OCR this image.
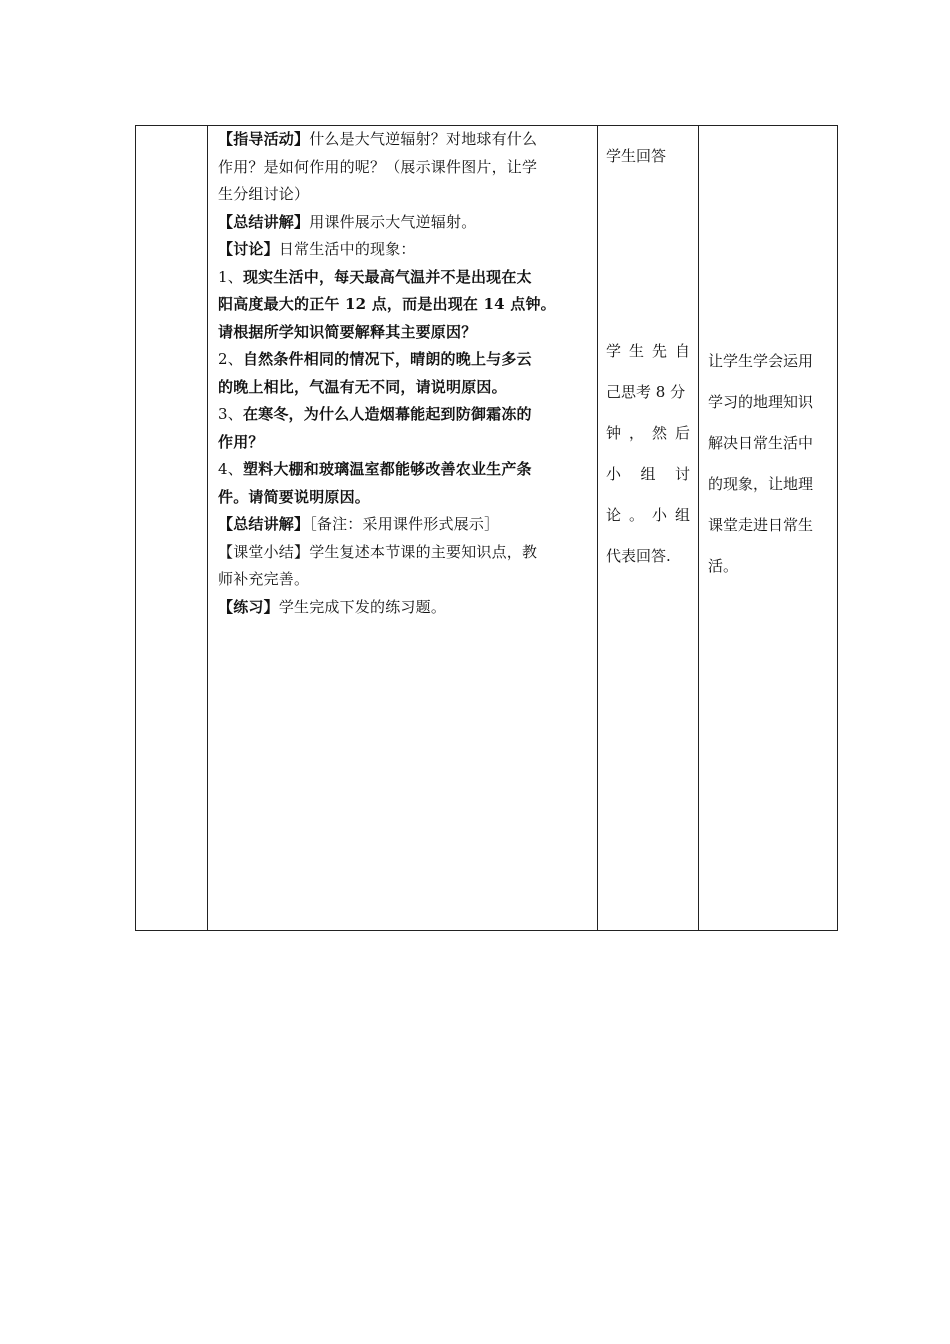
【指导活动】什么是大气逆辐射？对地球有什么
作用？是如何作用的呢？（展示课件图片，让学
生分组讨论）
【总结讲解】用课件展示大气逆辐射。
【讨论】日常生活中的现象：
1、现实生活中，每天最高气温并不是出现在太
阳高度最大的正午 12 点，而是出现在 14 点钟。
请根据所学知识简要解释其主要原因？
2、自然条件相同的情况下，晴朗的晚上与多云
的晚上相比，气温有无不同，请说明原因。
3、在寒冬，为什么人造烟幕能起到防御霜冻的
作用？
4、塑料大棚和玻璃温室都能够改善农业生产条
件。请简要说明原因。
【总结讲解】［备注：采用课件形式展示］
【课堂小结】学生复述本节课的主要知识点，教
师补充完善。
【练习】学生完成下发的练习题。

学生回答
学 生 先 自
己思考 8 分
钟 ， 然 后
小 组 讨
论 。 小 组
代表回答.

让学生学会运用
学习的地理知识
解决日常生活中
的现象，让地理
课堂走进日常生
活。
